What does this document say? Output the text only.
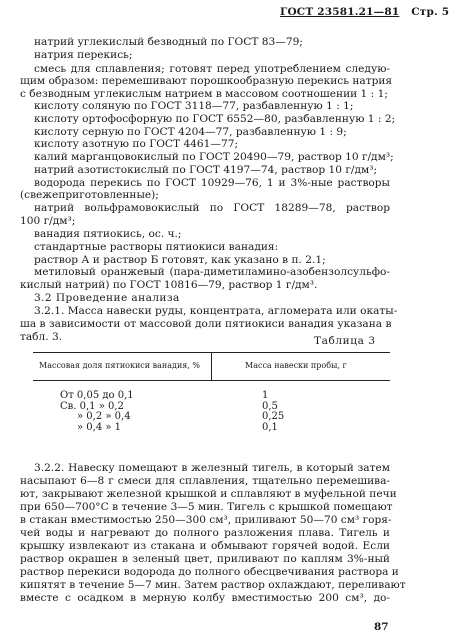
ГОСТ 23581.21—81 Стр. 5
натрий углекислый безводный по ГОСТ 83—79;
натрия перекись;
смесь для сплавления; готовят перед употреблением следую-
щим образом: перемешивают порошкообразную перекись натрия
с безводным углекислым натрием в массовом соотношении 1 : 1;
кислоту соляную по ГОСТ 3118—77, разбавленную 1 : 1;
кислоту ортофосфорную по ГОСТ 6552—80, разбавленную 1 : 2;
кислоту серную по ГОСТ 4204—77, разбавленную 1 : 9;
кислоту азотную по ГОСТ 4461—77;
калий марганцовокислый по ГОСТ 20490—79, раствор 10 г/дм³;
натрий азотистокислый по ГОСТ 4197—74, раствор 10 г/дм³;
водорода перекись по ГОСТ 10929—76, 1 и 3%-ные растворы
(свежеприготовленные);
натрий вольфрамовокислый по ГОСТ 18289—78, раствор
100 г/дм³;
ванадия пятиокись, ос. ч.;
стандартные растворы пятиокиси ванадия:
раствор А и раствор Б готовят, как указано в п. 2.1;
метиловый оранжевый (пара-диметиламино-азобензолсульфо-
кислый натрий) по ГОСТ 10816—79, раствор 1 г/дм³.
3.2 Проведение анализа
3.2.1. Масса навески руды, концентрата, агломерата или окаты-
ша в зависимости от массовой доли пятиокиси ванадия указана в
табл. 3.	Таблица 3
Массовая доля пятиокиси ванадия, %	Масса навески пробы, г
От 0,05 до 0,1	1
Св. 0,1 » 0,2	0,5
» 0,2 » 0,4	0,25
» 0,4 » 1	0,1
3.2.2. Навеску помещают в железный тигель, в который затем
насыпают 6—8 г смеси для сплавления, тщательно перемешива-
ют, закрывают железной крышкой и сплавляют в муфельной печи
при 650—700°С в течение 3—5 мин. Тигель с крышкой помещают
в стакан вместимостью 250—300 см³, приливают 50—70 см³ горя-
чей воды и нагревают до полного разложения плава. Тигель и
крышку извлекают из стакана и обмывают горячей водой. Если
раствор окрашен в зеленый цвет, приливают по каплям 3%-ный
раствор перекиси водорода до полного обесцвечивания раствора и
кипятят в течение 5—7 мин. Затем раствор охлаждают, переливают
вместе с осадком в мерную колбу вместимостью 200 см³, до-
87
